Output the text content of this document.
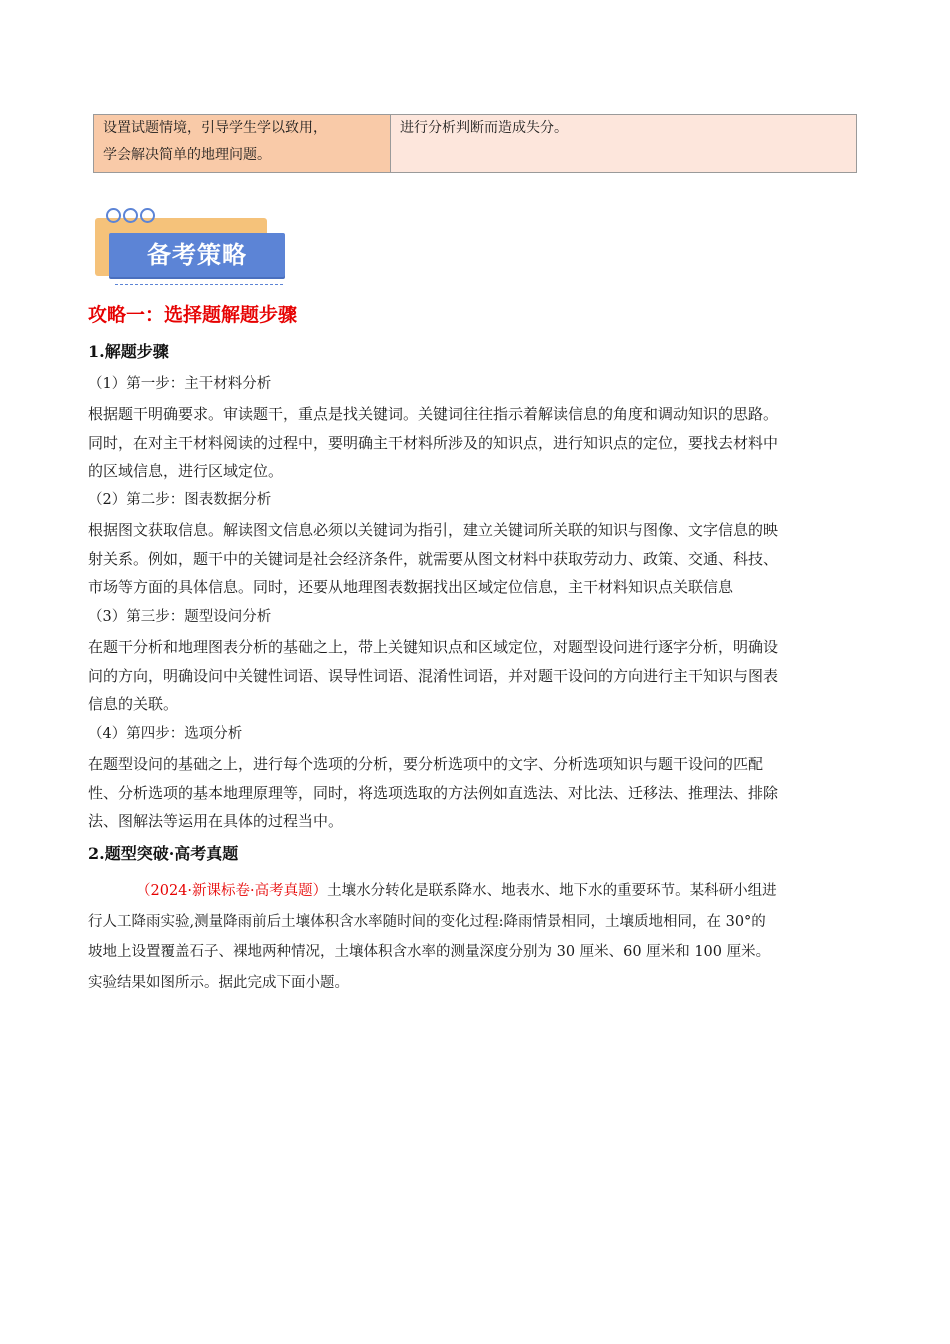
设置试题情境，引导学生学以致用，
学会解决简单的地理问题。

进行分析判断而造成失分。
备考策略
攻略一：选择题解题步骤
1.解题步骤
（1）第一步：主干材料分析
根据题干明确要求。审读题干，重点是找关键词。关键词往往指示着解读信息的角度和调动知识的思路。
同时，在对主干材料阅读的过程中，要明确主干材料所涉及的知识点，进行知识点的定位，要找去材料中
的区域信息，进行区域定位。
（2）第二步：图表数据分析
根据图文获取信息。解读图文信息必须以关键词为指引，建立关键词所关联的知识与图像、文字信息的映
射关系。例如，题干中的关键词是社会经济条件，就需要从图文材料中获取劳动力、政策、交通、科技、
市场等方面的具体信息。同时，还要从地理图表数据找出区域定位信息，主干材料知识点关联信息
（3）第三步：题型设问分析
在题干分析和地理图表分析的基础之上，带上关键知识点和区域定位，对题型设问进行逐字分析，明确设
问的方向，明确设问中关键性词语、误导性词语、混淆性词语，并对题干设问的方向进行主干知识与图表
信息的关联。
（4）第四步：选项分析
在题型设问的基础之上，进行每个选项的分析，要分析选项中的文字、分析选项知识与题干设问的匹配
性、分析选项的基本地理原理等，同时，将选项选取的方法例如直选法、对比法、迁移法、推理法、排除
法、图解法等运用在具体的过程当中。
2.题型突破·高考真题
（2024·新课标卷·高考真题）土壤水分转化是联系降水、地表水、地下水的重要环节。某科研小组进
行人工降雨实验,测量降雨前后土壤体积含水率随时间的变化过程:降雨情景相同，土壤质地相同，在 30°的
坡地上设置覆盖石子、裸地两种情况，土壤体积含水率的测量深度分别为 30 厘米、60 厘米和 100 厘米。
实验结果如图所示。据此完成下面小题。
